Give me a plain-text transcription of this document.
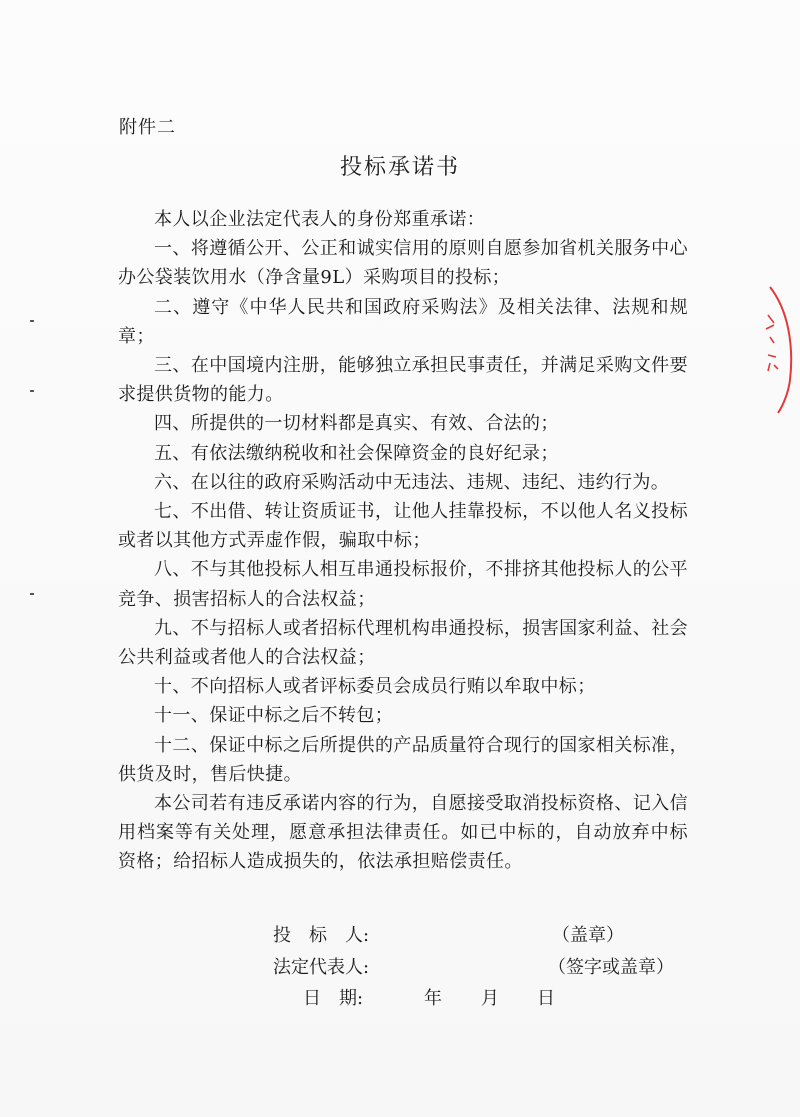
附件二
投标承诺书

本人以企业法定代表人的身份郑重承诺：

一、将遵循公开、公正和诚实信用的原则自愿参加省机关服务中心办公袋装饮用水（净含量9L）采购项目的投标；

二、遵守《中华人民共和国政府采购法》及相关法律、法规和规章；

三、在中国境内注册，能够独立承担民事责任，并满足采购文件要求提供货物的能力。

四、所提供的一切材料都是真实、有效、合法的；

五、有依法缴纳税收和社会保障资金的良好纪录；

六、在以往的政府采购活动中无违法、违规、违纪、违约行为。

七、不出借、转让资质证书，让他人挂靠投标，不以他人名义投标或者以其他方式弄虚作假，骗取中标；

八、不与其他投标人相互串通投标报价，不排挤其他投标人的公平竞争、损害招标人的合法权益；

九、不与招标人或者招标代理机构串通投标，损害国家利益、社会公共利益或者他人的合法权益；

十、不向招标人或者评标委员会成员行贿以牟取中标；

十一、保证中标之后不转包；

十二、保证中标之后所提供的产品质量符合现行的国家相关标准，供货及时，售后快捷。

本公司若有违反承诺内容的行为，自愿接受取消投标资格、记入信用档案等有关处理，愿意承担法律责任。如已中标的，自动放弃中标资格；给招标人造成损失的，依法承担赔偿责任。

投　标　人:	（盖章）
法定代表人:	（签字或盖章）
日　期:	年 月 日
